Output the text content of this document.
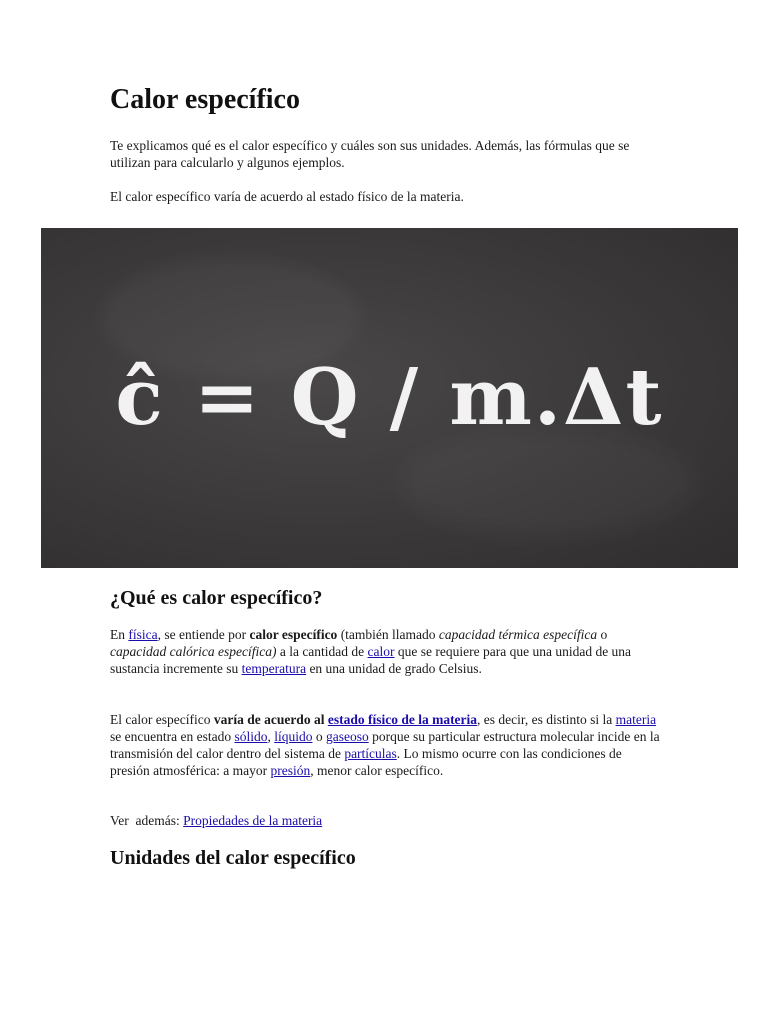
Calor específico

Te explicamos qué es el calor específico y cuáles son sus unidades. Además, las fórmulas que se utilizan para calcularlo y algunos ejemplos.

El calor específico varía de acuerdo al estado físico de la materia.

ĉ = Q / m.Δt
¿Qué es calor específico?

En física, se entiende por calor específico (también llamado capacidad térmica específica o capacidad calórica específica) a la cantidad de calor que se requiere para que una unidad de una sustancia incremente su temperatura en una unidad de grado Celsius.

El calor específico varía de acuerdo al estado físico de la materia, es decir, es distinto si la materia se encuentra en estado sólido, líquido o gaseoso porque su particular estructura molecular incide en la transmisión del calor dentro del sistema de partículas. Lo mismo ocurre con las condiciones de presión atmosférica: a mayor presión, menor calor específico.

Ver  además: Propiedades de la materia

Unidades del calor específico
